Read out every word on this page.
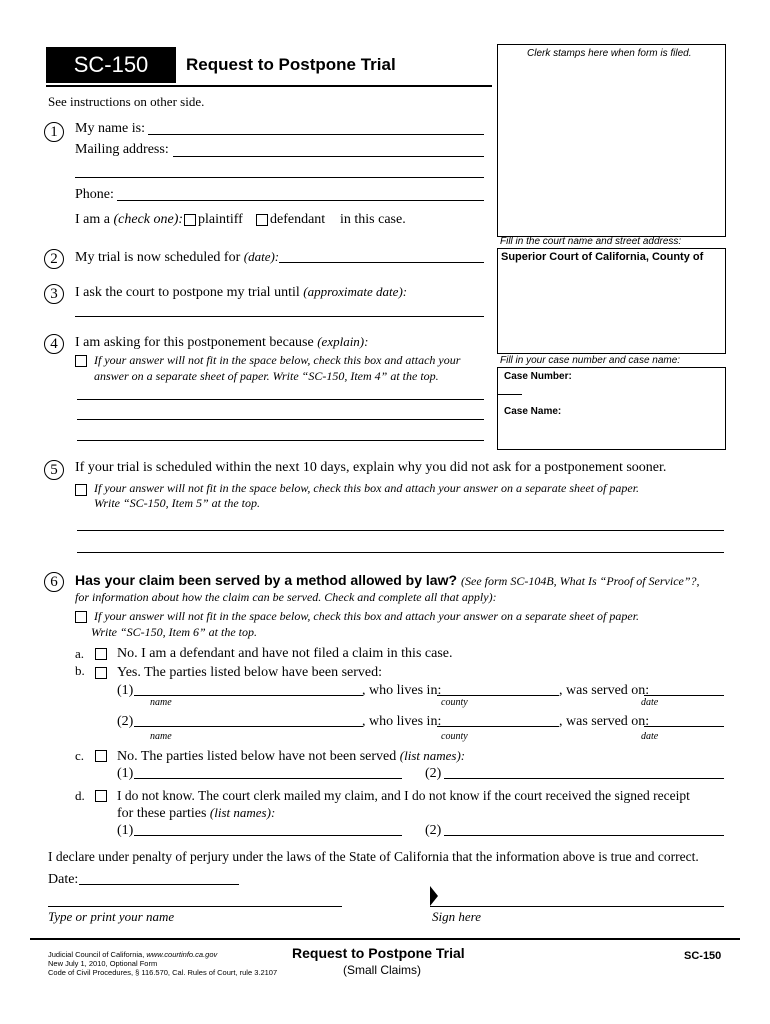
SC-150	Request to Postpone Trial
See instructions on other side.
Clerk stamps here when form is filed.
Fill in the court name and street address:
Superior Court of California, County of
Fill in your case number and case name:
Case Number:
Case Name:
1	My name is:
Mailing address:
Phone:
I am a (check one): plaintiff defendant in this case.
2	My trial is now scheduled for (date):
3	I ask the court to postpone my trial until (approximate date):
4	I am asking for this postponement because (explain):
If your answer will not fit in the space below, check this box and attach your
answer on a separate sheet of paper. Write “SC-150, Item 4” at the top.
5	If your trial is scheduled within the next 10 days, explain why you did not ask for a postponement sooner.
If your answer will not fit in the space below, check this box and attach your answer on a separate sheet of paper.
Write “SC-150, Item 5” at the top.
6	Has your claim been served by a method allowed by law? (See form SC-104B, What Is “Proof of Service”?,
for information about how the claim can be served. Check and complete all that apply):
If your answer will not fit in the space below, check this box and attach your answer on a separate sheet of paper.
Write “SC-150, Item 6” at the top.
a. No. I am a defendant and have not filed a claim in this case.
b. Yes. The parties listed below have been served:
(1)	, who lives in:	, was served on:
name	county	date
(2)	, who lives in:	, was served on:
name	county	date
c. No. The parties listed below have not been served (list names):
(1)	(2)
d. I do not know. The court clerk mailed my claim, and I do not know if the court received the signed receipt
for these parties (list names):
(1)	(2)
I declare under penalty of perjury under the laws of the State of California that the information above is true and correct.
Date:
Type or print your name	Sign here
Judicial Council of California, www.courtinfo.ca.gov
New July 1, 2010, Optional Form
Code of Civil Procedures, § 116.570, Cal. Rules of Court, rule 3.2107
Request to Postpone Trial
(Small Claims)
SC-150
